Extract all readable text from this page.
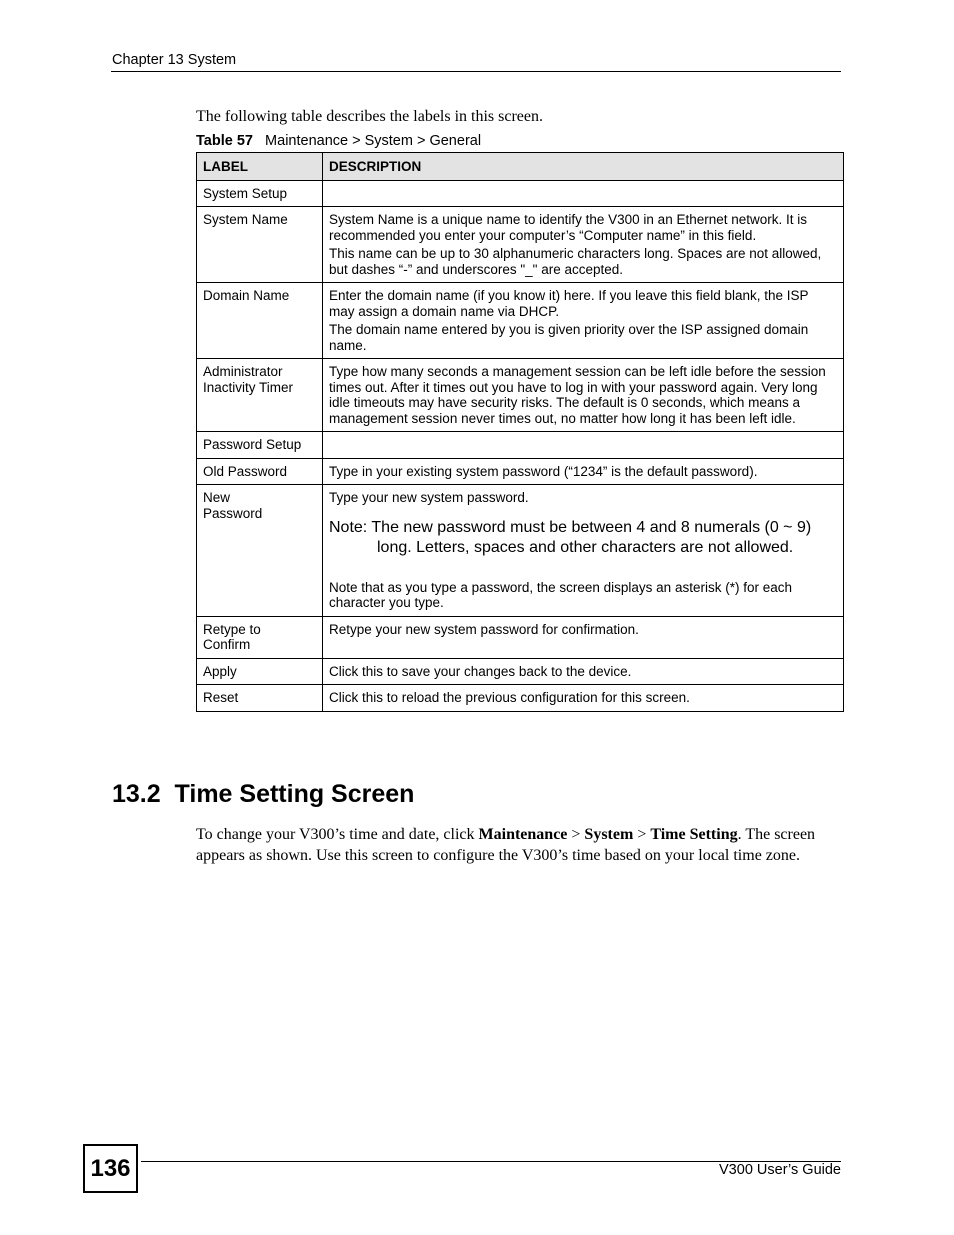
Chapter 13 System
The following table describes the labels in this screen.
Table 57 Maintenance > System > General
LABEL	DESCRIPTION
System Setup	
System Name	System Name is a unique name to identify the V300 in an Ethernet network. It is recommended you enter your computer’s “Computer name” in this field.

This name can be up to 30 alphanumeric characters long. Spaces are not allowed, but dashes “-” and underscores "_" are accepted.

Domain Name	Enter the domain name (if you know it) here. If you leave this field blank, the ISP may assign a domain name via DHCP.

The domain name entered by you is given priority over the ISP assigned domain name.

Administrator Inactivity Timer	Type how many seconds a management session can be left idle before the session times out. After it times out you have to log in with your password again. Very long idle timeouts may have security risks. The default is 0 seconds, which means a management session never times out, no matter how long it has been left idle.

Password Setup	
Old Password	Type in your existing system password (“1234” is the default password).

New Password	Type your new system password.

Note: The new password must be between 4 and 8 numerals (0 ~ 9) long. Letters, spaces and other characters are not allowed.

Note that as you type a password, the screen displays an asterisk (*) for each character you type.

Retype to Confirm	Retype your new system password for confirmation.

Apply	Click this to save your changes back to the device.

Reset	Click this to reload the previous configuration for this screen.

13.2  Time Setting Screen

To change your V300’s time and date, click Maintenance > System > Time Setting. The screen appears as shown. Use this screen to configure the V300’s time based on your local time zone.

136	V300 User’s Guide
